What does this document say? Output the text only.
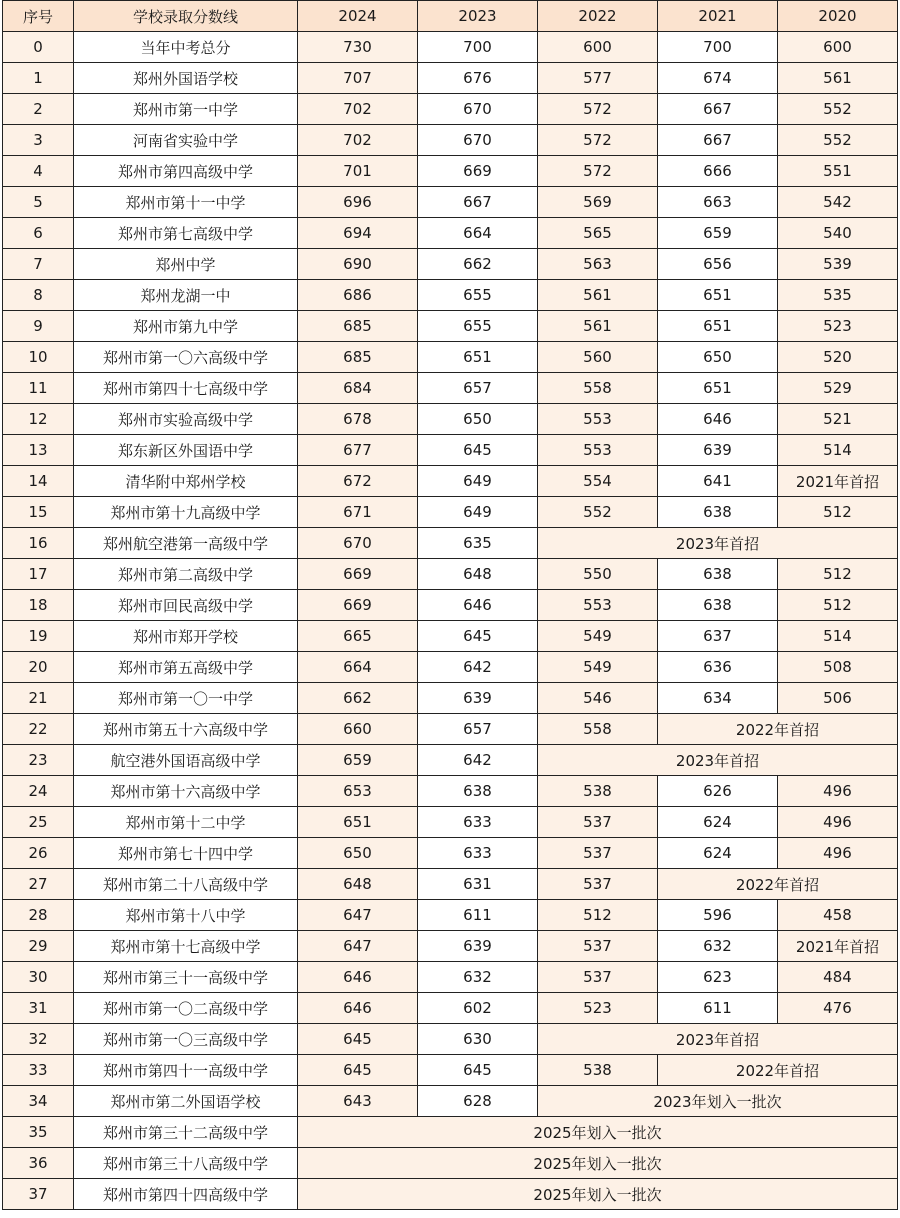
序号	学校录取分数线	2024	2023	2022	2021	2020
0	当年中考总分	730	700	600	700	600
1	郑州外国语学校	707	676	577	674	561
2	郑州市第一中学	702	670	572	667	552
3	河南省实验中学	702	670	572	667	552
4	郑州市第四高级中学	701	669	572	666	551
5	郑州市第十一中学	696	667	569	663	542
6	郑州市第七高级中学	694	664	565	659	540
7	郑州中学	690	662	563	656	539
8	郑州龙湖一中	686	655	561	651	535
9	郑州市第九中学	685	655	561	651	523
10	郑州市第一〇六高级中学	685	651	560	650	520
11	郑州市第四十七高级中学	684	657	558	651	529
12	郑州市实验高级中学	678	650	553	646	521
13	郑东新区外国语中学	677	645	553	639	514
14	清华附中郑州学校	672	649	554	641	2021年首招
15	郑州市第十九高级中学	671	649	552	638	512
16	郑州航空港第一高级中学	670	635	2023年首招		
17	郑州市第二高级中学	669	648	550	638	512
18	郑州市回民高级中学	669	646	553	638	512
19	郑州市郑开学校	665	645	549	637	514
20	郑州市第五高级中学	664	642	549	636	508
21	郑州市第一〇一中学	662	639	546	634	506
22	郑州市第五十六高级中学	660	657	558	2022年首招	
23	航空港外国语高级中学	659	642	2023年首招		
24	郑州市第十六高级中学	653	638	538	626	496
25	郑州市第十二中学	651	633	537	624	496
26	郑州市第七十四中学	650	633	537	624	496
27	郑州市第二十八高级中学	648	631	537	2022年首招	
28	郑州市第十八中学	647	611	512	596	458
29	郑州市第十七高级中学	647	639	537	632	2021年首招
30	郑州市第三十一高级中学	646	632	537	623	484
31	郑州市第一〇二高级中学	646	602	523	611	476
32	郑州市第一〇三高级中学	645	630	2023年首招		
33	郑州市第四十一高级中学	645	645	538	2022年首招	
34	郑州市第二外国语学校	643	628	2023年划入一批次		
35	郑州市第三十二高级中学	2025年划入一批次				
36	郑州市第三十八高级中学	2025年划入一批次				
37	郑州市第四十四高级中学	2025年划入一批次				
